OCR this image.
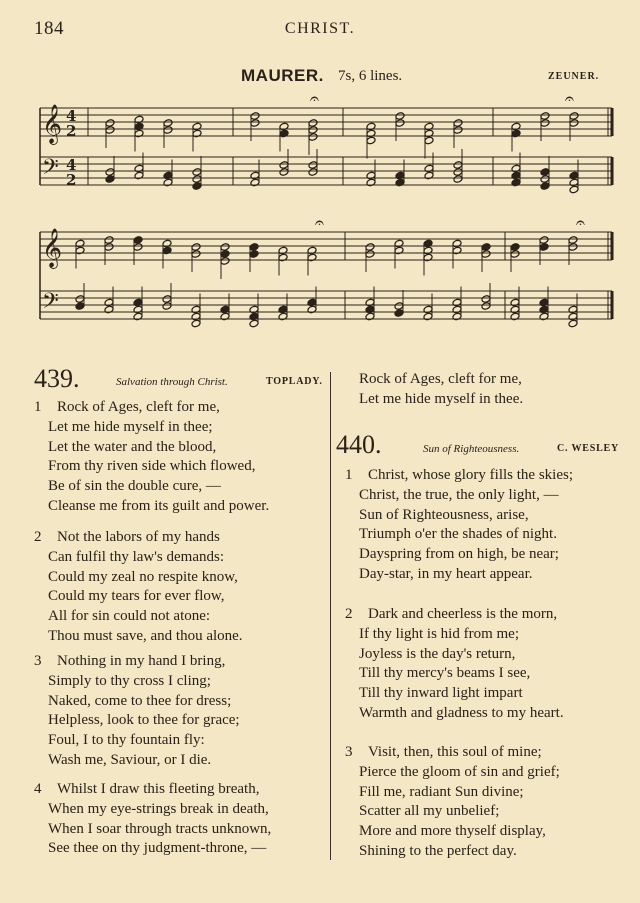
184	CHRIST.
MAURER. 7s, 6 lines.	ZEUNER.
𝄞 4
2
𝄢 4
2
𝄐	𝄐
𝄞
𝄢
𝄐	𝄐
439.	Salvation through Christ.	TOPLADY.
440.	Sun of Righteousness.	C. WESLEY
1 Rock of Ages, cleft for me,
Let me hide myself in thee;
Let the water and the blood,
From thy riven side which flowed,
Be of sin the double cure, —
Cleanse me from its guilt and power.
2 Not the labors of my hands
Can fulfil thy law's demands:
Could my zeal no respite know,
Could my tears for ever flow,
All for sin could not atone:
Thou must save, and thou alone.
3 Nothing in my hand I bring,
Simply to thy cross I cling;
Naked, come to thee for dress;
Helpless, look to thee for grace;
Foul, I to thy fountain fly:
Wash me, Saviour, or I die.
4 Whilst I draw this fleeting breath,
When my eye-strings break in death,
When I soar through tracts unknown,
See thee on thy judgment-throne, —
Rock of Ages, cleft for me,
Let me hide myself in thee.
1 Christ, whose glory fills the skies;
Christ, the true, the only light, —
Sun of Righteousness, arise,
Triumph o'er the shades of night.
Dayspring from on high, be near;
Day-star, in my heart appear.
2 Dark and cheerless is the morn,
If thy light is hid from me;
Joyless is the day's return,
Till thy mercy's beams I see,
Till thy inward light impart
Warmth and gladness to my heart.
3 Visit, then, this soul of mine;
Pierce the gloom of sin and grief;
Fill me, radiant Sun divine;
Scatter all my unbelief;
More and more thyself display,
Shining to the perfect day.
